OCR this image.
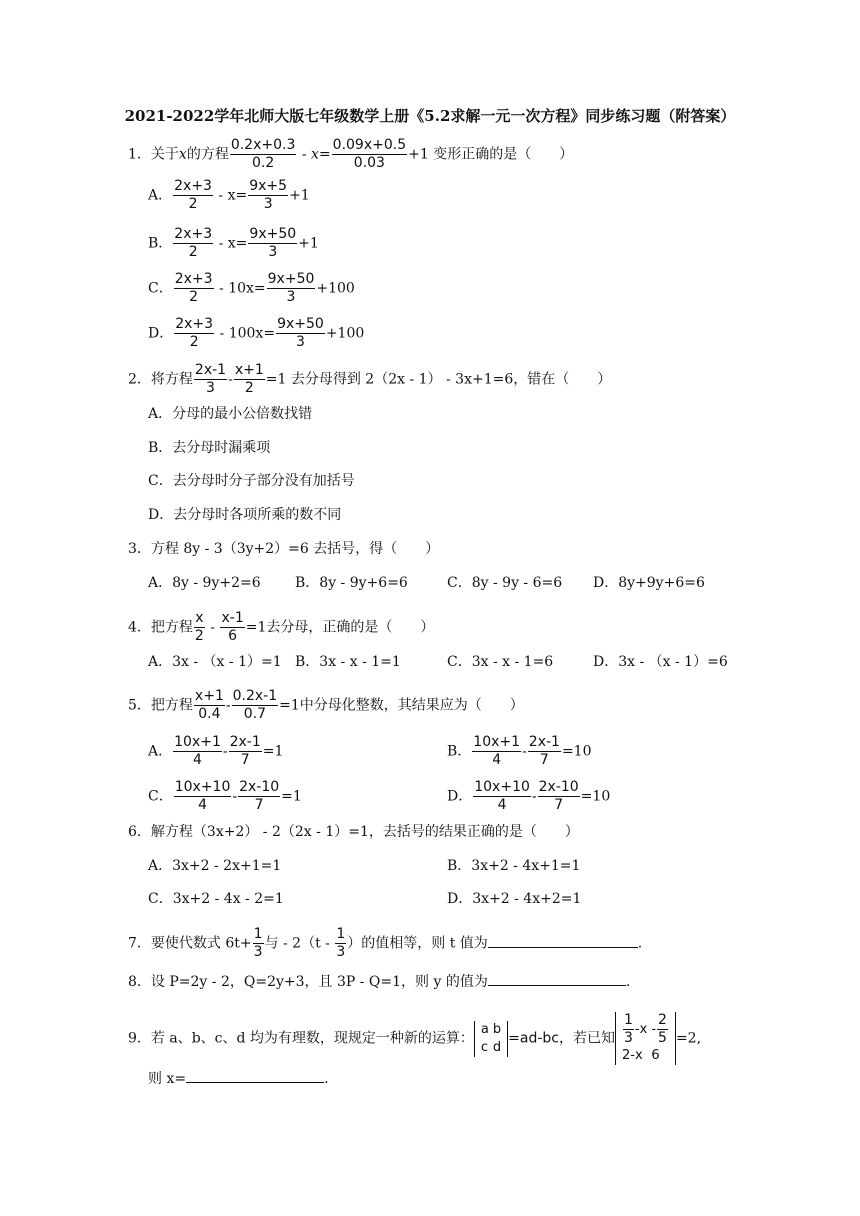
2021-2022学年北师大版七年级数学上册《5.2求解一元一次方程》同步练习题（附答案）
1．关于x的方程 $\frac{0.2x+0.3}{0.2} - x= \frac{0.09x+0.5}{0.03} +1$ 变形正确的是（　　）
A． $\frac{2x+3}{2} - x= \frac{9x+5}{3} +1$
B． $\frac{2x+3}{2} - x= \frac{9x+50}{3} +1$
C． $\frac{2x+3}{2} - 10x= \frac{9x+50}{3} +100$
D． $\frac{2x+3}{2} - 100x= \frac{9x+50}{3} +100$
2．将方程 $\frac{2x-1}{3} - \frac{x+1}{2} =1$ 去分母得到 2（2x - 1） - 3x+1=6，错在（　　）
A．分母的最小公倍数找错
B．去分母时漏乘项
C．去分母时分子部分没有加括号
D．去分母时各项所乘的数不同
3．方程 8y - 3（3y+2）=6 去括号，得（　　）
A．8y - 9y+2=6 B．8y - 9y+6=6	C．8y - 9y - 6=6 D．8y+9y+6=6
4．把方程 $\frac{x}{2} - \frac{x-1}{6} =1$去分母，正确的是（　　）
A．3x - （x - 1）=1 B．3x - x - 1=1	C．3x - x - 1=6	D．3x - （x - 1）=6
5．把方程 $\frac{x+1}{0.4} - \frac{0.2x-1}{0.7} =1$中分母化整数，其结果应为（　　）
A． $\frac{10x+1}{4} - \frac{2x-1}{7} =1$	B． $\frac{10x+1}{4} - \frac{2x-1}{7} =10$
C． $\frac{10x+10}{4} - \frac{2x-10}{7} =1$	D． $\frac{10x+10}{4} - \frac{2x-10}{7} =10$
6．解方程（3x+2） - 2（2x - 1）=1，去括号的结果正确的是（　　）
A．3x+2 - 2x+1=1	B．3x+2 - 4x+1=1
C．3x+2 - 4x - 2=1	D．3x+2 - 4x+2=1
7．要使代数式 $6t+ \frac{1}{3}$ 与 - $2(t - \frac{1}{3}$ ）的值相等，则 t 值为	.
8．设 P=2y - 2，Q=2y+3，且 3P - Q=1，则 y 的值为	.
9．若 a、b、c、d 均为有理数，现规定一种新的运算：
a	b
c	d
=ad-bc，若已知 $\frac{1}{3} -x$	- $\frac{2}{5}$

2-x	6
=2,
则 x=	.
